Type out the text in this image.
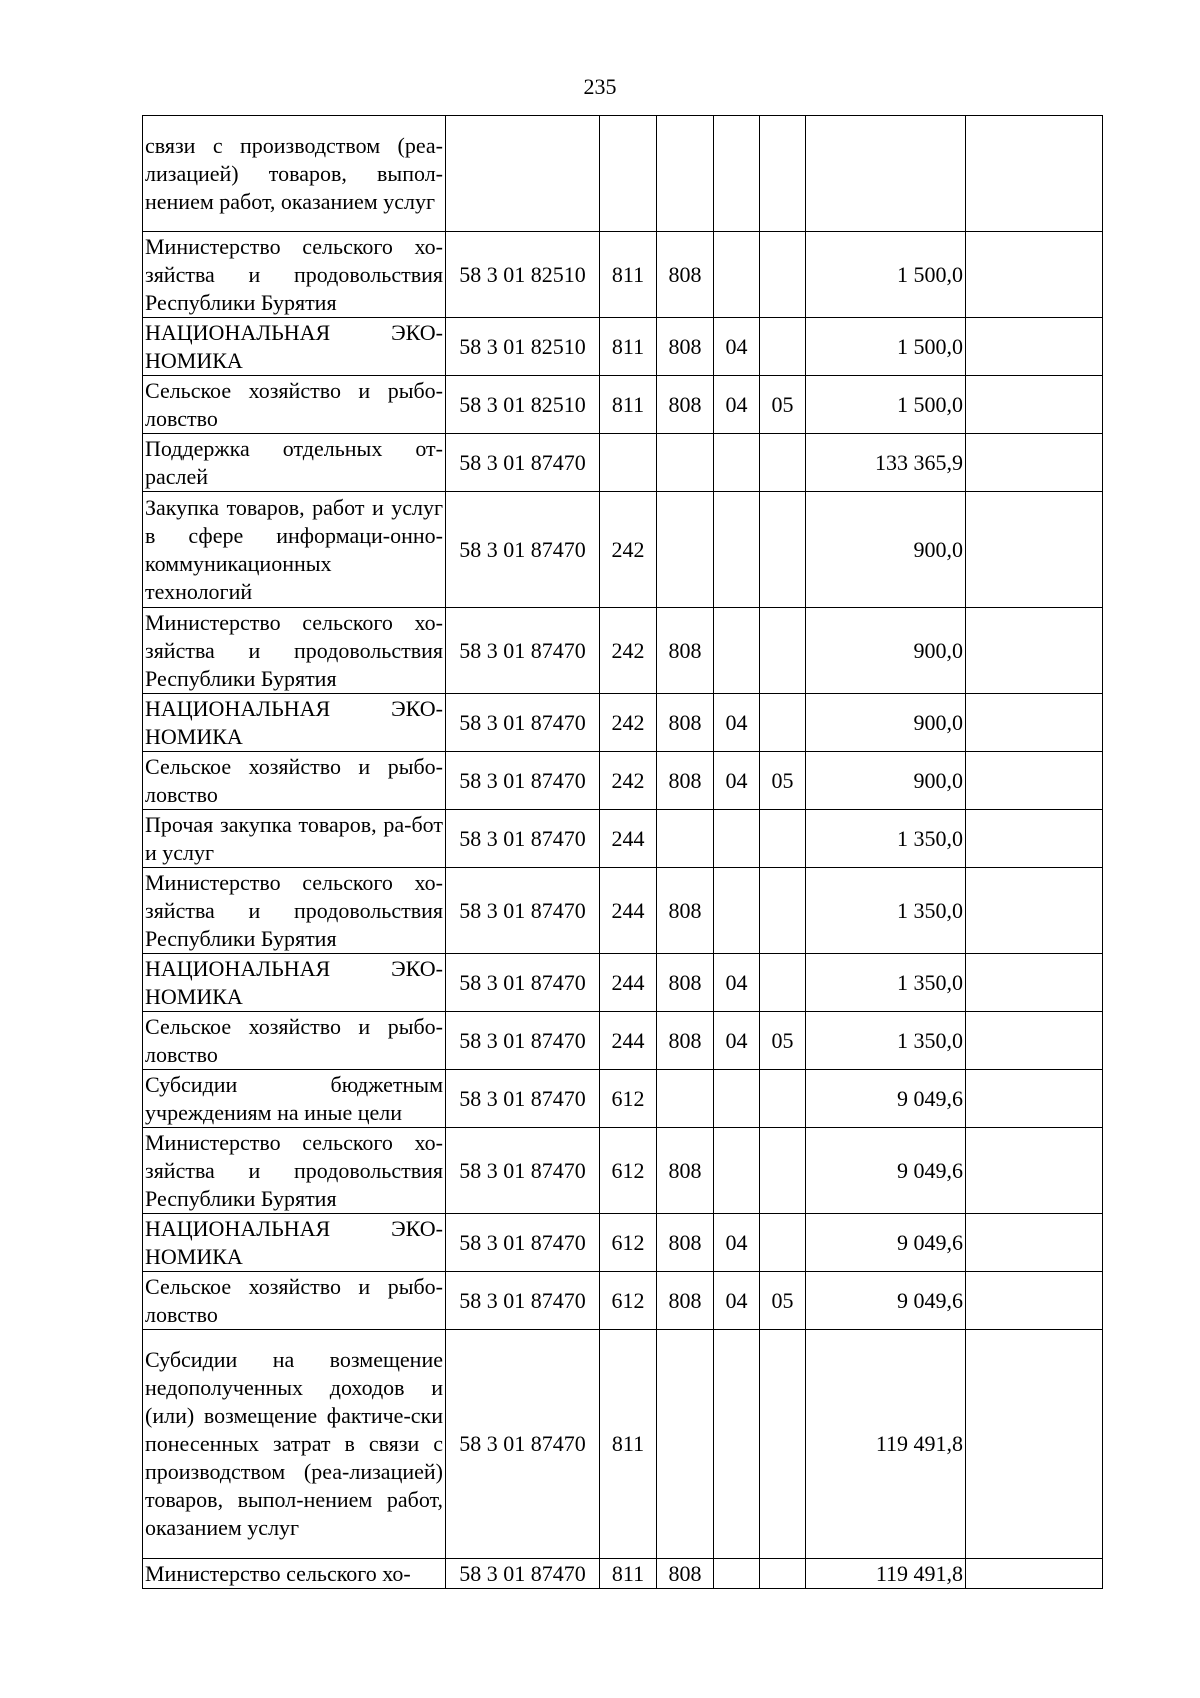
235
связи с производством (реа-лизацией) товаров, выпол-нением работ, оказанием услуг							
Министерство сельского хо-зяйства и продовольствия Республики Бурятия	58 3 01 82510	811	808			1 500,0	
НАЦИОНАЛЬНАЯ ЭКО-НОМИКА	58 3 01 82510	811	808	04		1 500,0	
Сельское хозяйство и рыбо-ловство	58 3 01 82510	811	808	04	05	1 500,0	
Поддержка отдельных от-раслей	58 3 01 87470					133 365,9	
Закупка товаров, работ и услуг в сфере информаци-онно-коммуникационных технологий	58 3 01 87470	242				900,0	
Министерство сельского хо-зяйства и продовольствия Республики Бурятия	58 3 01 87470	242	808			900,0	
НАЦИОНАЛЬНАЯ ЭКО-НОМИКА	58 3 01 87470	242	808	04		900,0	
Сельское хозяйство и рыбо-ловство	58 3 01 87470	242	808	04	05	900,0	
Прочая закупка товаров, ра-бот и услуг	58 3 01 87470	244				1 350,0	
Министерство сельского хо-зяйства и продовольствия Республики Бурятия	58 3 01 87470	244	808			1 350,0	
НАЦИОНАЛЬНАЯ ЭКО-НОМИКА	58 3 01 87470	244	808	04		1 350,0	
Сельское хозяйство и рыбо-ловство	58 3 01 87470	244	808	04	05	1 350,0	
Субсидии бюджетным учреждениям на иные цели	58 3 01 87470	612				9 049,6	
Министерство сельского хо-зяйства и продовольствия Республики Бурятия	58 3 01 87470	612	808			9 049,6	
НАЦИОНАЛЬНАЯ ЭКО-НОМИКА	58 3 01 87470	612	808	04		9 049,6	
Сельское хозяйство и рыбо-ловство	58 3 01 87470	612	808	04	05	9 049,6	
Субсидии на возмещение недополученных доходов и (или) возмещение фактиче-ски понесенных затрат в связи с производством (реа-лизацией) товаров, выпол-нением работ, оказанием услуг	58 3 01 87470	811				119 491,8	
Министерство сельского хо-	58 3 01 87470	811	808			119 491,8	
